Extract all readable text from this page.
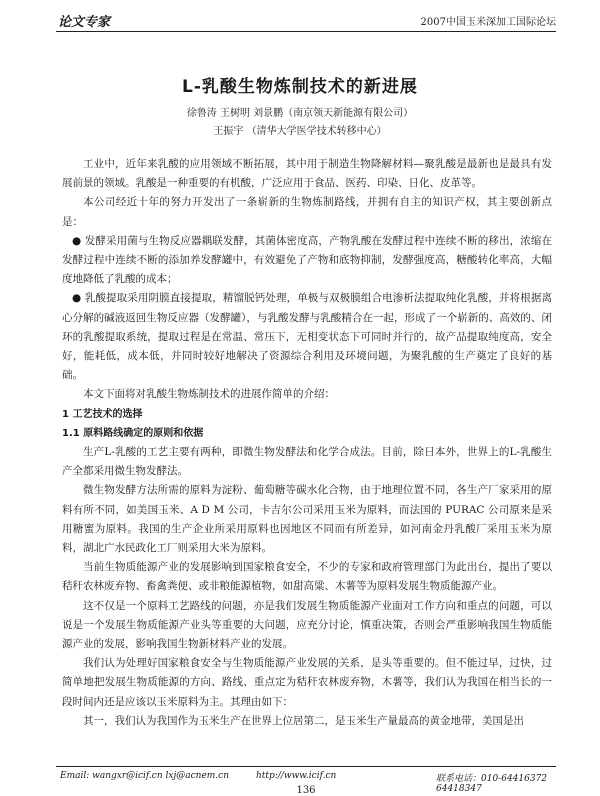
论文专家	2007中国玉米深加工国际论坛
L-乳酸生物炼制技术的新进展
徐鲁涛 王树明 刘景鹏（南京领天新能源有限公司）
王振宇 （清华大学医学技术转移中心）

工业中，近年来乳酸的应用领域不断拓展，其中用于制造生物降解材料—聚乳酸是最新也是最具有发展前景的领域。乳酸是一种重要的有机酸，广泛应用于食品、医药、印染、日化、皮革等。

本公司经近十年的努力开发出了一条崭新的生物炼制路线，并拥有自主的知识产权，其主要创新点是：

● 发酵采用菌与生物反应器耦联发酵，其菌体密度高，产物乳酸在发酵过程中连续不断的移出，浓缩在发酵过程中连续不断的添加养发酵罐中，有效避免了产物和底物抑制，发酵强度高，糖酸转化率高，大幅度地降低了乳酸的成本；

● 乳酸提取采用阴膜直接提取，精馏脱钙处理，单极与双极膜组合电渗析法提取纯化乳酸，并将根据离心分解的碱液返回生物反应器（发酵罐），与乳酸发酵与乳酸精合在一起，形成了一个崭新的、高效的、闭环的乳酸提取系统，提取过程是在常温、常压下，无相变状态下可同时并行的，故产品提取纯度高，安全好，能耗低，成本低，并同时较好地解决了资源综合利用及环境问题，为聚乳酸的生产奠定了良好的基础。

本文下面将对乳酸生物炼制技术的进展作简单的介绍：

1 工艺技术的选择

1.1 原料路线确定的原则和依据

生产L-乳酸的工艺主要有两种，即微生物发酵法和化学合成法。目前，除日本外，世界上的L-乳酸生产全都采用微生物发酵法。

微生物发酵方法所需的原料为淀粉、葡萄糖等碳水化合物，由于地理位置不同，各生产厂家采用的原料有所不同，如美国玉米、A D M 公司，卡吉尔公司采用玉米为原料，而法国的 PURAC 公司原来是采用糖蜜为原料。我国的生产企业所采用原料也因地区不同而有所差异，如河南金丹乳酸厂采用玉米为原料，湖北广水民政化工厂则采用大米为原料。

当前生物质能源产业的发展影响到国家粮食安全，不少的专家和政府管理部门为此出台，提出了要以秸秆农林废弃物、畜禽粪便、或非粮能源植物，如甜高粱、木薯等为原料发展生物质能源产业。

这不仅是一个原料工艺路线的问题，亦是我们发展生物质能源产业面对工作方向和重点的问题，可以说是一个发展生物质能源产业头等重要的大问题，应充分讨论，慎重决策，否则会严重影响我国生物质能源产业的发展，影响我国生物新材料产业的发展。

我们认为处理好国家粮食安全与生物质能源产业发展的关系，是头等重要的。但不能过早，过快，过简单地把发展生物质能源的方向、路线、重点定为秸秆农林废弃物，木薯等，我们认为我国在相当长的一段时间内还是应该以玉米原料为主。其理由如下：

其一，我们认为我国作为玉米生产在世界上位居第二，是玉米生产量最高的黄金地带，美国是出

Email: wangxr@icif.cn lxj@acnem.cn	http://www.icif.cn	联系电话：010-64416372 64418347
136
